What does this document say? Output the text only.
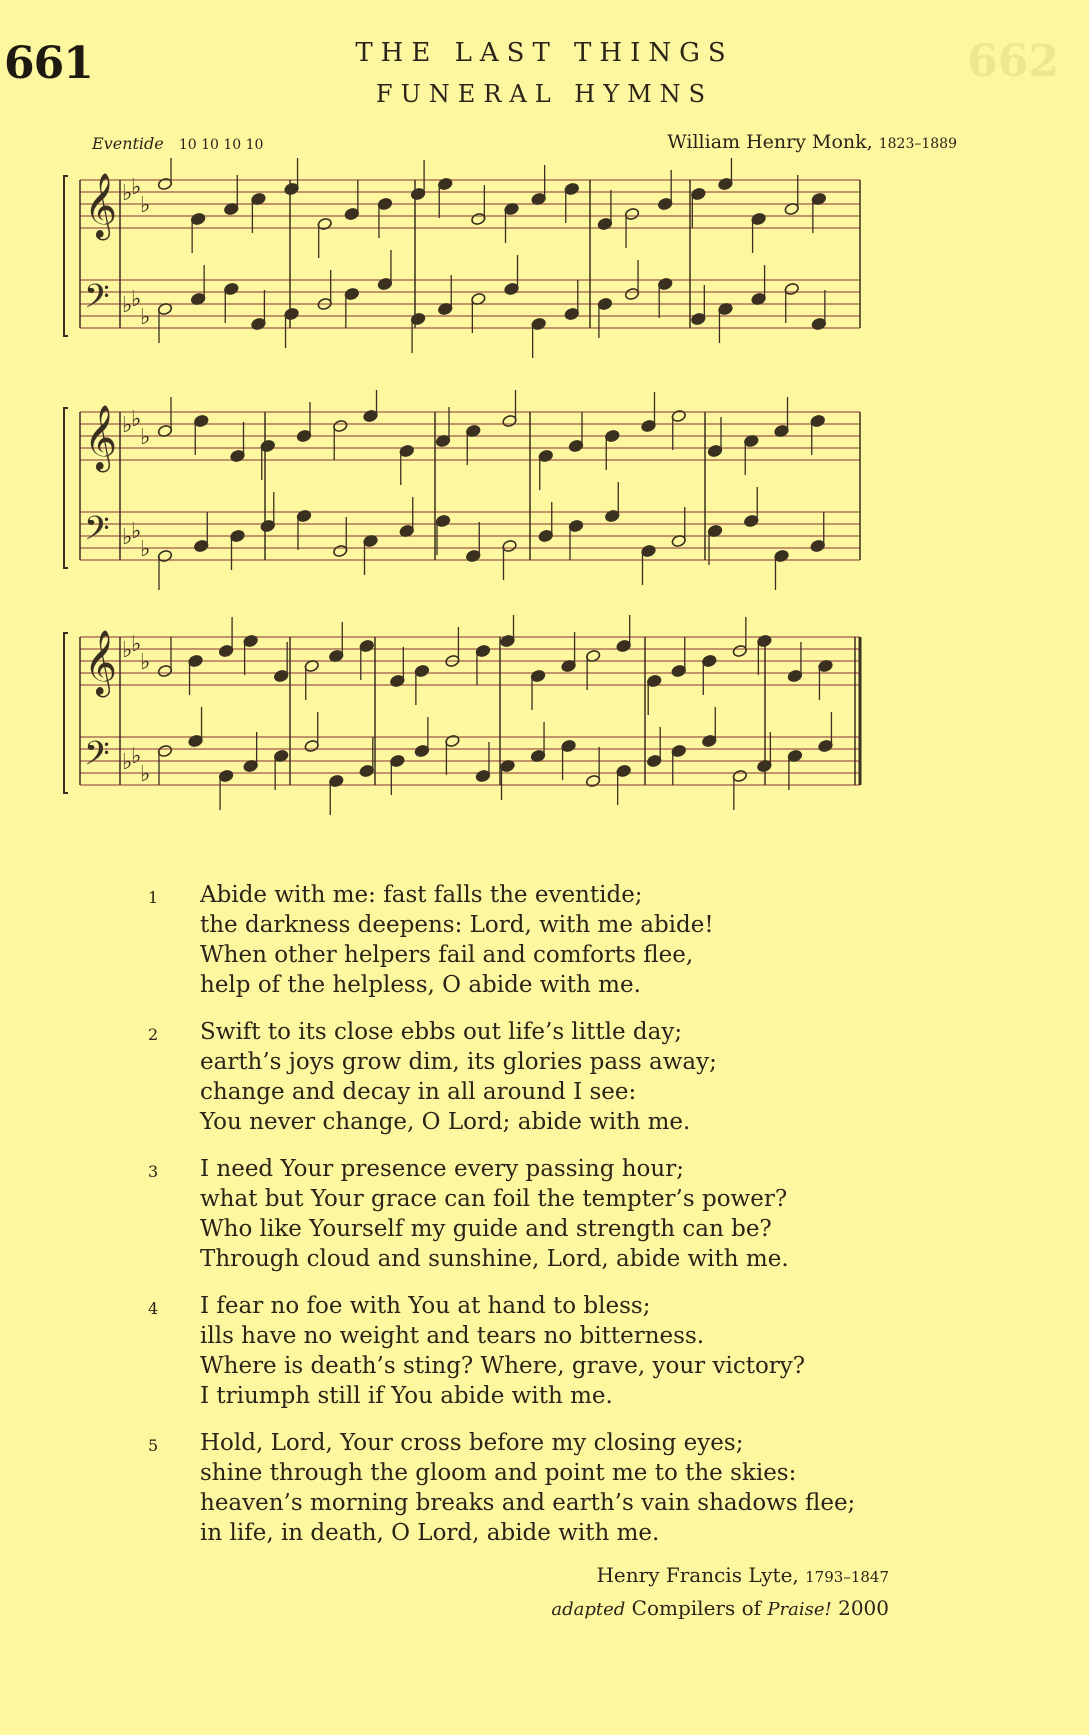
661	662
THE LAST THINGS
FUNERAL HYMNS
Eventide 10 10 10 10	William Henry Monk, 1823–1889
𝄞 ♭
♭
♭
𝄢 ♭
♭
♭
𝄞 ♭
♭
♭
𝄢 ♭
♭
♭
𝄞 ♭
♭
♭
𝄢 ♭
♭
♭
1	Abide with me: fast falls the eventide;
the darkness deepens: Lord, with me abide!
When other helpers fail and comforts flee,
help of the helpless, O abide with me.
2	Swift to its close ebbs out life’s little day;
earth’s joys grow dim, its glories pass away;
change and decay in all around I see:
You never change, O Lord; abide with me.
3	I need Your presence every passing hour;
what but Your grace can foil the tempter’s power?
Who like Yourself my guide and strength can be?
Through cloud and sunshine, Lord, abide with me.
4	I fear no foe with You at hand to bless;
ills have no weight and tears no bitterness.
Where is death’s sting? Where, grave, your victory?
I triumph still if You abide with me.
5	Hold, Lord, Your cross before my closing eyes;
shine through the gloom and point me to the skies:
heaven’s morning breaks and earth’s vain shadows flee;
in life, in death, O Lord, abide with me.
Henry Francis Lyte, 1793–1847
adapted Compilers of Praise! 2000
